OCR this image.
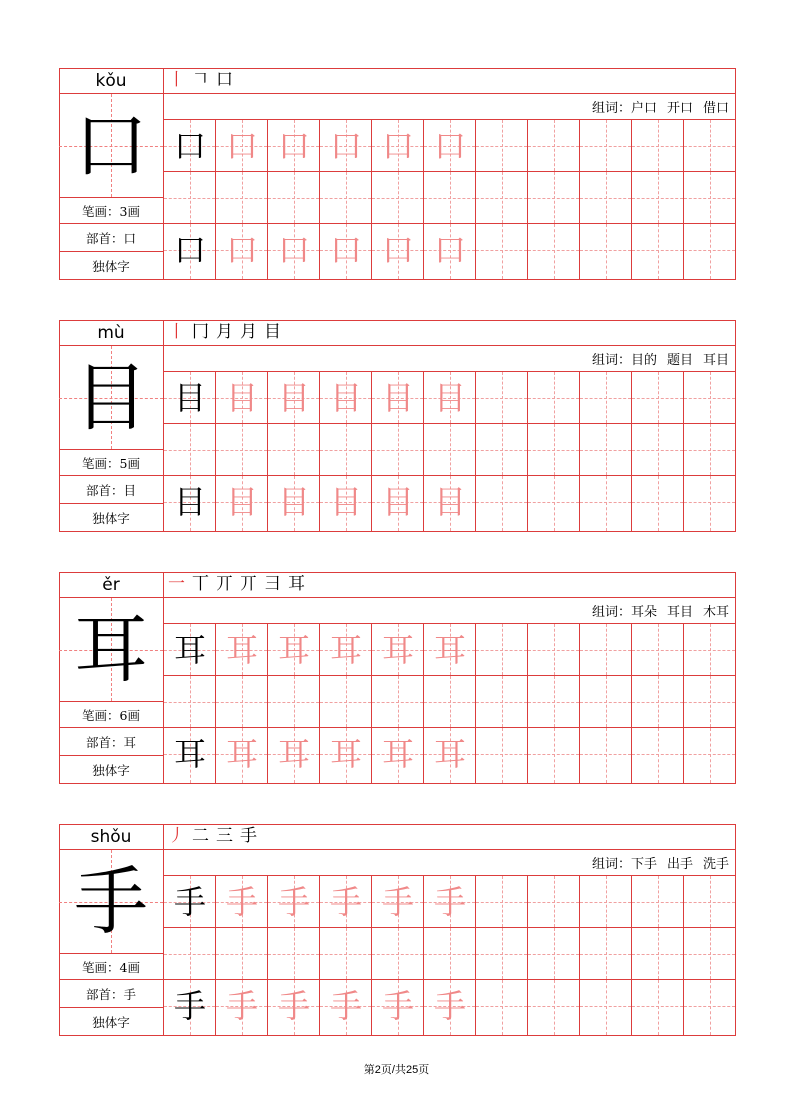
kǒu
口
笔画：3画
部首：口
独体字
丨 𠃍 口
组词：户口 开口 借口
口 口 口 口 口 口
口 口 口 口 口 口
mù
目
笔画：5画
部首：目
独体字
丨 冂 月 月 目
组词：目的 题目 耳目
目 目 目 目 目 目
目 目 目 目 目 目
ěr
耳
笔画：6画
部首：耳
独体字
一 丅 丌 丌 ⺕ 耳
组词：耳朵 耳目 木耳
耳 耳 耳 耳 耳 耳
耳 耳 耳 耳 耳 耳
shǒu
手
笔画：4画
部首：手
独体字
丿 二 三 手
组词：下手 出手 洗手
手 手 手 手 手 手
手 手 手 手 手 手
第2页/共25页
